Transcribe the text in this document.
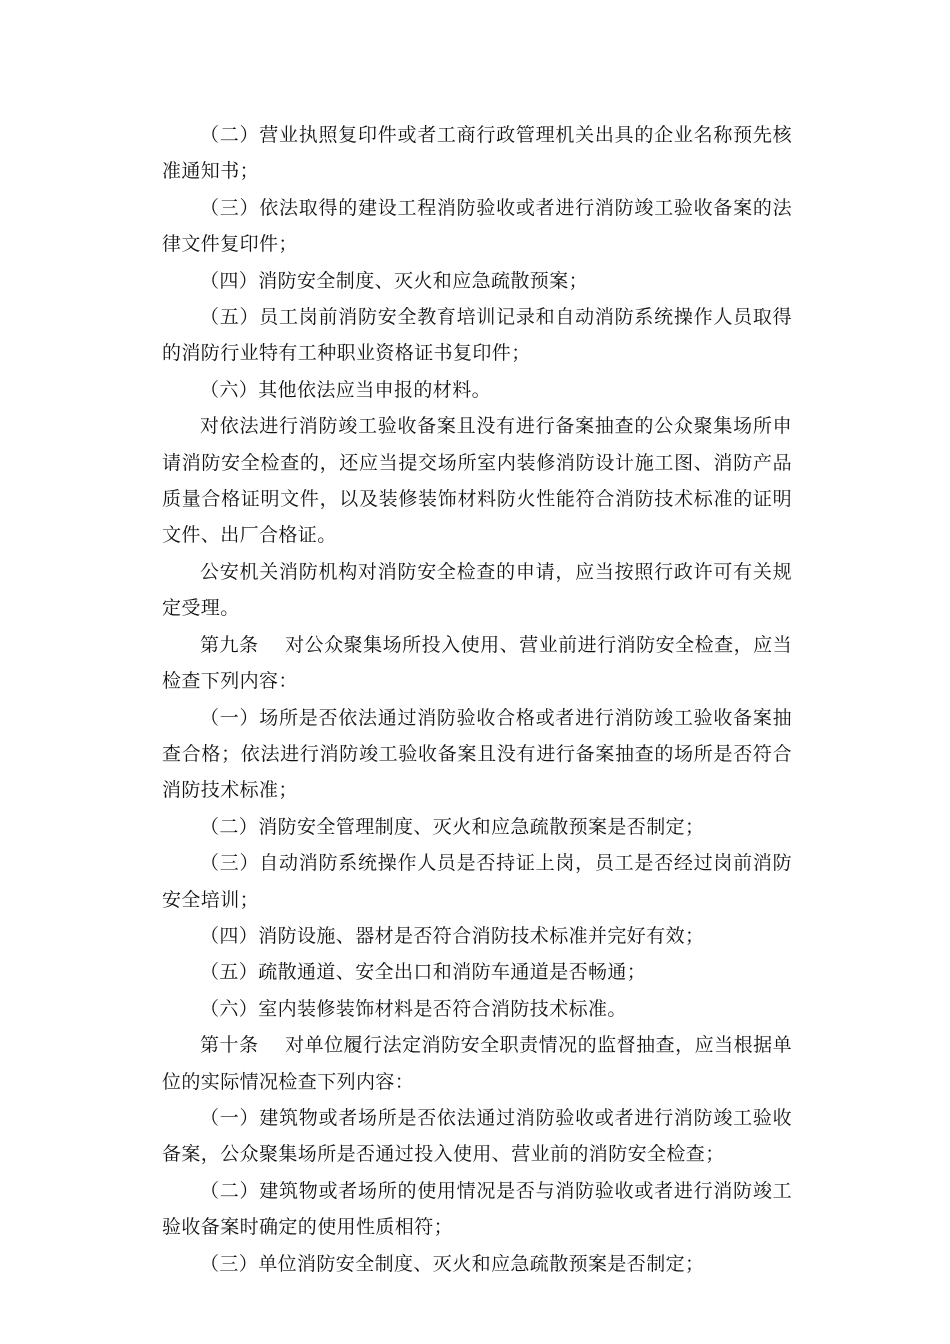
（二）营业执照复印件或者工商行政管理机关出具的企业名称预先核准通知书；

（三）依法取得的建设工程消防验收或者进行消防竣工验收备案的法律文件复印件；

（四）消防安全制度、灭火和应急疏散预案；

（五）员工岗前消防安全教育培训记录和自动消防系统操作人员取得的消防行业特有工种职业资格证书复印件；

（六）其他依法应当申报的材料。

对依法进行消防竣工验收备案且没有进行备案抽查的公众聚集场所申请消防安全检查的，还应当提交场所室内装修消防设计施工图、消防产品质量合格证明文件，以及装修装饰材料防火性能符合消防技术标准的证明文件、出厂合格证。

公安机关消防机构对消防安全检查的申请，应当按照行政许可有关规定受理。

第九条 对公众聚集场所投入使用、营业前进行消防安全检查，应当检查下列内容：

（一）场所是否依法通过消防验收合格或者进行消防竣工验收备案抽查合格；依法进行消防竣工验收备案且没有进行备案抽查的场所是否符合消防技术标准；

（二）消防安全管理制度、灭火和应急疏散预案是否制定；

（三）自动消防系统操作人员是否持证上岗，员工是否经过岗前消防安全培训；

（四）消防设施、器材是否符合消防技术标准并完好有效；

（五）疏散通道、安全出口和消防车通道是否畅通；

（六）室内装修装饰材料是否符合消防技术标准。

第十条 对单位履行法定消防安全职责情况的监督抽查，应当根据单位的实际情况检查下列内容：

（一）建筑物或者场所是否依法通过消防验收或者进行消防竣工验收备案，公众聚集场所是否通过投入使用、营业前的消防安全检查；

（二）建筑物或者场所的使用情况是否与消防验收或者进行消防竣工验收备案时确定的使用性质相符；

（三）单位消防安全制度、灭火和应急疏散预案是否制定；
